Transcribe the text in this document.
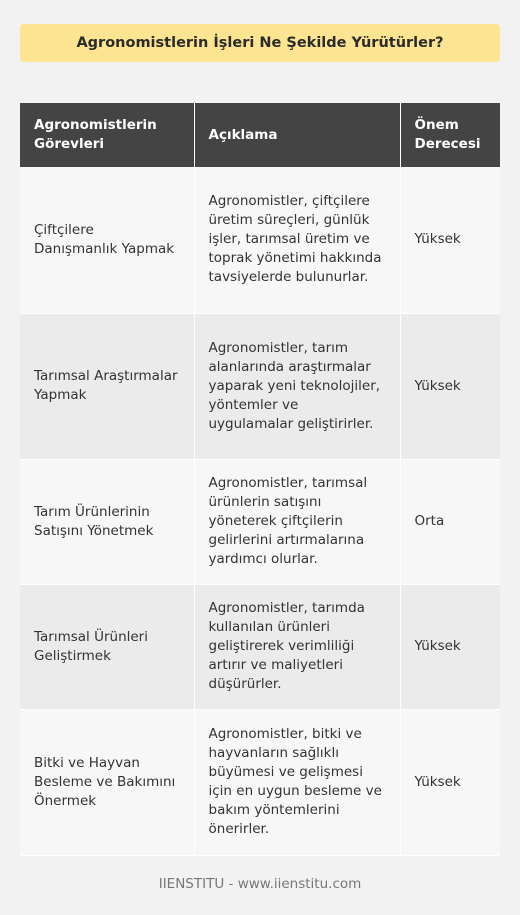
Agronomistlerin İşleri Ne Şekilde Yürütürler?
Agronomistlerin Görevleri	Açıklama	Önem Derecesi
Çiftçilere Danışmanlık Yapmak	Agronomistler, çiftçilere üretim süreçleri, günlük işler, tarımsal üretim ve toprak yönetimi hakkında tavsiyelerde bulunurlar.	Yüksek
Tarımsal Araştırmalar Yapmak	Agronomistler, tarım alanlarında araştırmalar yaparak yeni teknolojiler, yöntemler ve uygulamalar geliştirirler.	Yüksek
Tarım Ürünlerinin Satışını Yönetmek	Agronomistler, tarımsal ürünlerin satışını yöneterek çiftçilerin gelirlerini artırmalarına yardımcı olurlar.	Orta
Tarımsal Ürünleri Geliştirmek	Agronomistler, tarımda kullanılan ürünleri geliştirerek verimliliği artırır ve maliyetleri düşürürler.	Yüksek
Bitki ve Hayvan Besleme ve Bakımını Önermek	Agronomistler, bitki ve hayvanların sağlıklı büyümesi ve gelişmesi için en uygun besleme ve bakım yöntemlerini önerirler.	Yüksek
IIENSTITU - www.iienstitu.com
